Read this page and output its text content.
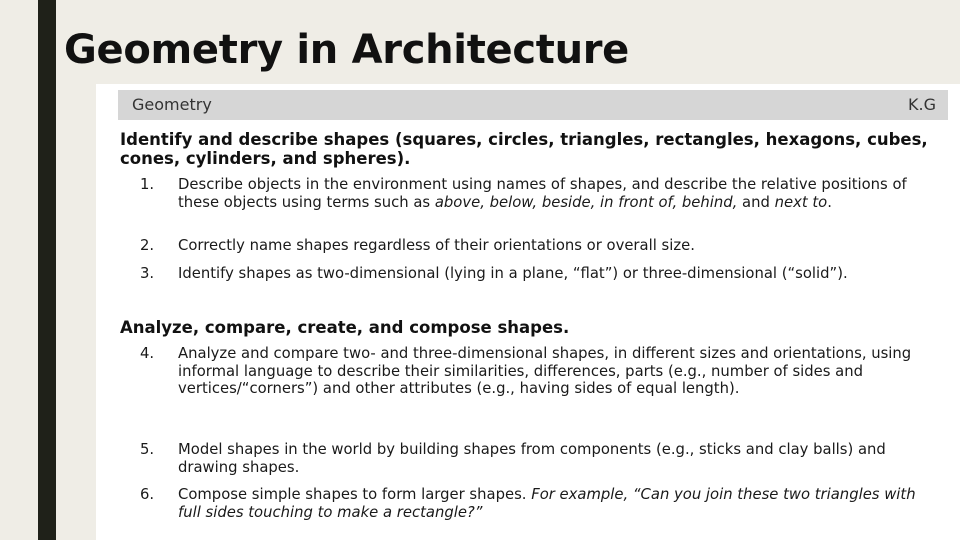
Geometry in Architecture
Geometry	K.G

Identify and describe shapes (squares, circles, triangles, rectangles, hexagons, cubes, cones, cylinders, and spheres).

1. Describe objects in the environment using names of shapes, and describe the relative positions of these objects using terms such as above, below, beside, in front of, behind, and next to.
2. Correctly name shapes regardless of their orientations or overall size.
3. Identify shapes as two-dimensional (lying in a plane, “flat”) or three-dimensional (“solid”).

Analyze, compare, create, and compose shapes.

4. Analyze and compare two- and three-dimensional shapes, in different sizes and orientations, using informal language to describe their similarities, differences, parts (e.g., number of sides and vertices/“corners”) and other attributes (e.g., having sides of equal length).
5. Model shapes in the world by building shapes from components (e.g., sticks and clay balls) and drawing shapes.
6. Compose simple shapes to form larger shapes. For example, “Can you join these two triangles with full sides touching to make a rectangle?”
